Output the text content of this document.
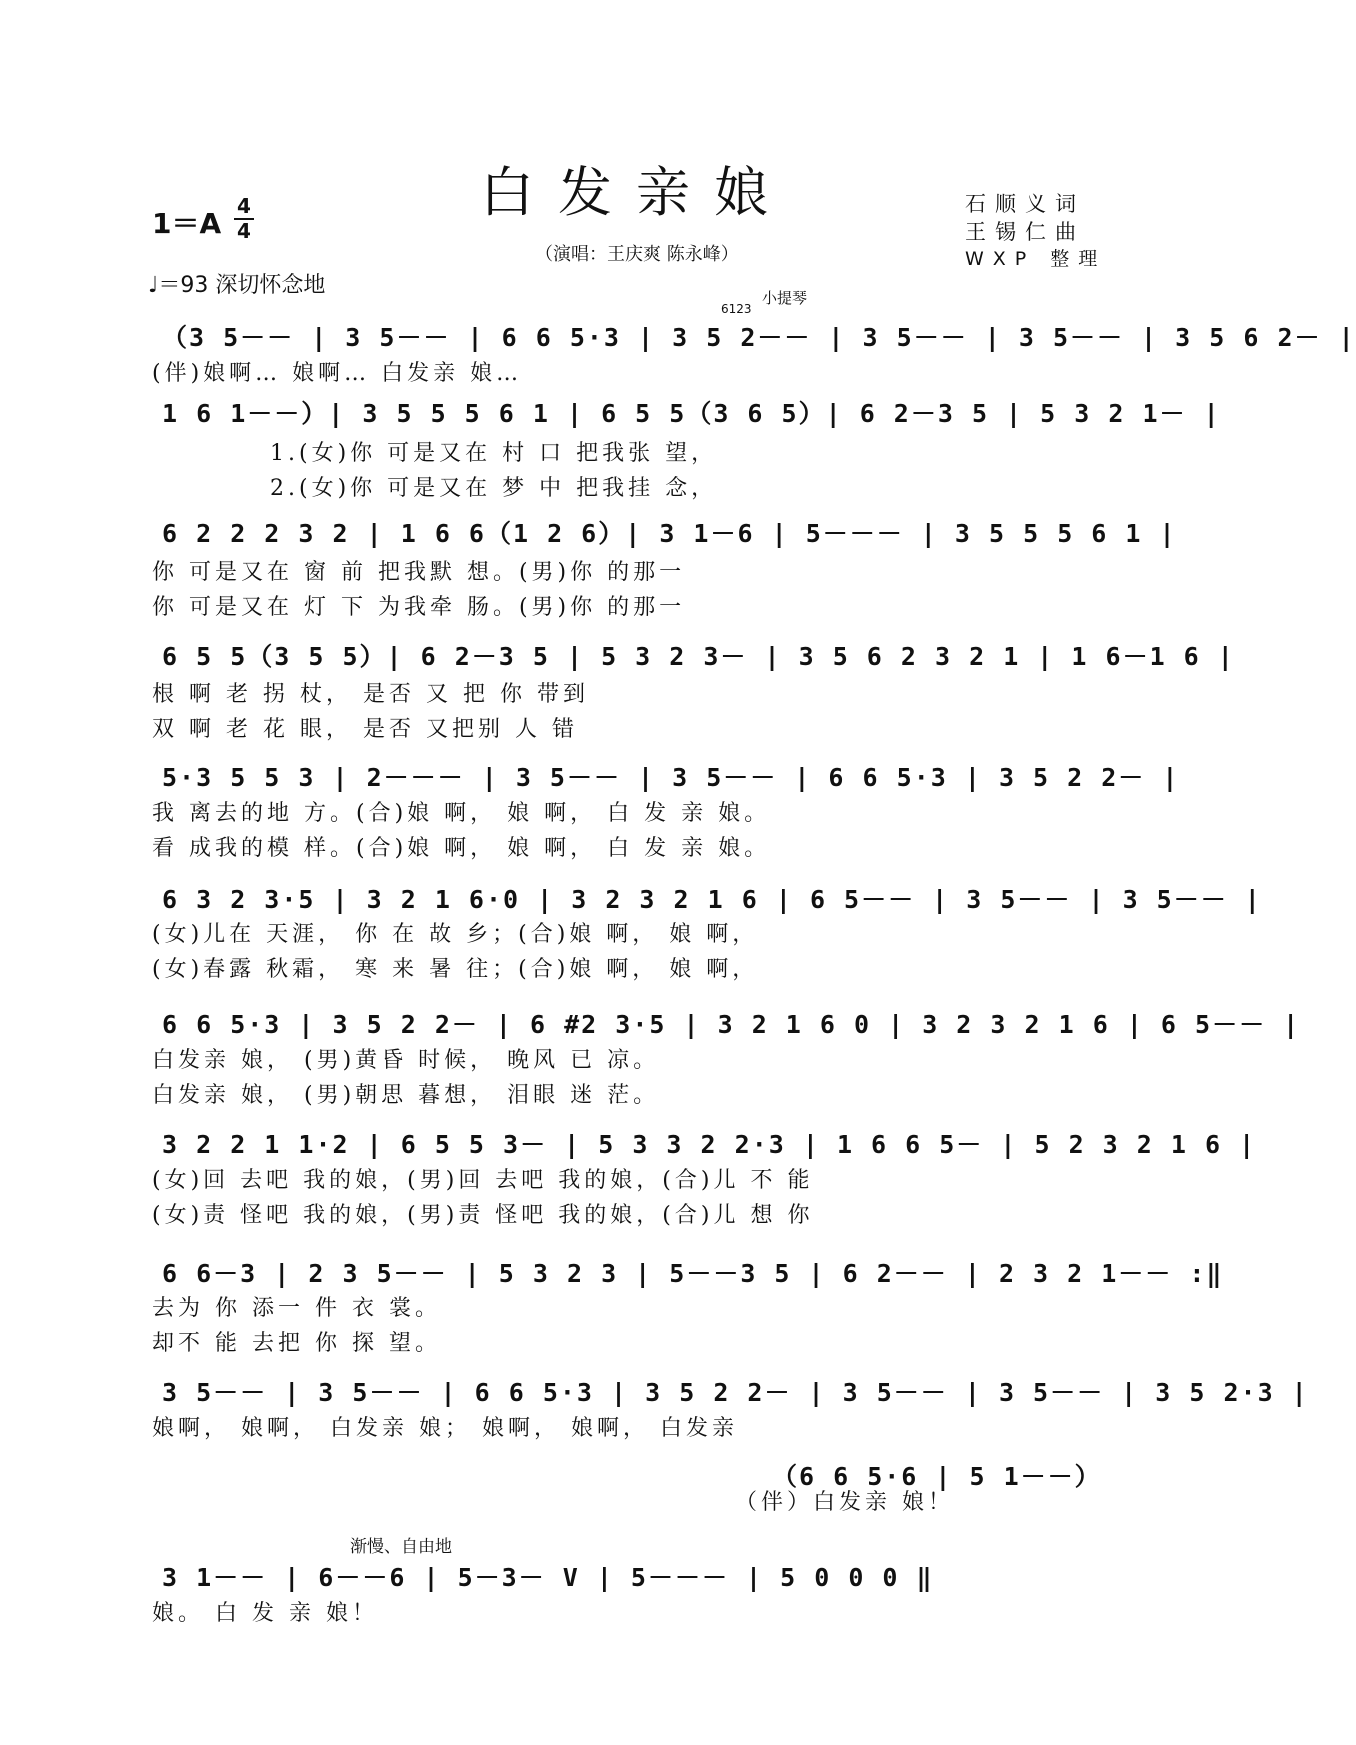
白发亲娘
1＝A
4
4
♩＝93 深切怀念地
（演唱：王庆爽 陈永峰）
石顺义词
王锡仁曲
WXP 整理
小提琴
6123
渐慢、自由地
（3 5－－ | 3 5－－ | 6 6 5·3 | 3 5 2－－ | 3 5－－ | 3 5－－ | 3 5 6 2－ |
(伴)娘啊… 娘啊… 白发亲 娘…
1 6 1－－）| 3 5 5 5 6 1 | 6 5 5（3 6 5）| 6 2－3 5 | 5 3 2 1－ |
1.(女)你 可是又在 村 口 把我张 望，
2.(女)你 可是又在 梦 中 把我挂 念，
6 2 2 2 3 2 | 1 6 6（1 2 6）| 3 1－6 | 5－－－ | 3 5 5 5 6 1 |
你 可是又在 窗 前 把我默 想。(男)你 的那一
你 可是又在 灯 下 为我牵 肠。(男)你 的那一
6 5 5（3 5 5）| 6 2－3 5 | 5 3 2 3－ | 3 5 6 2 3 2 1 | 1 6－1 6 |
根 啊 老 拐 杖， 是否 又 把 你 带到
双 啊 老 花 眼， 是否 又把别 人 错
5·3 5 5 3 | 2－－－ | 3 5－－ | 3 5－－ | 6 6 5·3 | 3 5 2 2－ |
我 离去的地 方。(合)娘 啊， 娘 啊， 白 发 亲 娘。
看 成我的模 样。(合)娘 啊， 娘 啊， 白 发 亲 娘。
6 3 2 3·5 | 3 2 1 6·0 | 3 2 3 2 1 6 | 6 5－－ | 3 5－－ | 3 5－－ |
(女)儿在 天涯， 你 在 故 乡；(合)娘 啊， 娘 啊，
(女)春露 秋霜， 寒 来 暑 往；(合)娘 啊， 娘 啊，
6 6 5·3 | 3 5 2 2－ | 6 #2 3·5 | 3 2 1 6 0 | 3 2 3 2 1 6 | 6 5－－ |
白发亲 娘， (男)黄昏 时候， 晚风 已 凉。
白发亲 娘， (男)朝思 暮想， 泪眼 迷 茫。
3 2 2 1 1·2 | 6 5 5 3－ | 5 3 3 2 2·3 | 1 6 6 5－ | 5 2 3 2 1 6 |
(女)回 去吧 我的娘，(男)回 去吧 我的娘，(合)儿 不 能
(女)责 怪吧 我的娘，(男)责 怪吧 我的娘，(合)儿 想 你
6 6－3 | 2 3 5－－ | 5 3 2 3 | 5－－3 5 | 6 2－－ | 2 3 2 1－－ :‖
去为 你 添一 件 衣 裳。
却不 能 去把 你 探 望。
3 5－－ | 3 5－－ | 6 6 5·3 | 3 5 2 2－ | 3 5－－ | 3 5－－ | 3 5 2·3 |
娘啊， 娘啊， 白发亲 娘； 娘啊， 娘啊， 白发亲
（6 6 5·6 | 5 1－－）
（伴）白发亲 娘！
3 1－－ | 6－－6 | 5－3－ V | 5－－－ | 5 0 0 0 ‖
娘。 白 发 亲 娘！
